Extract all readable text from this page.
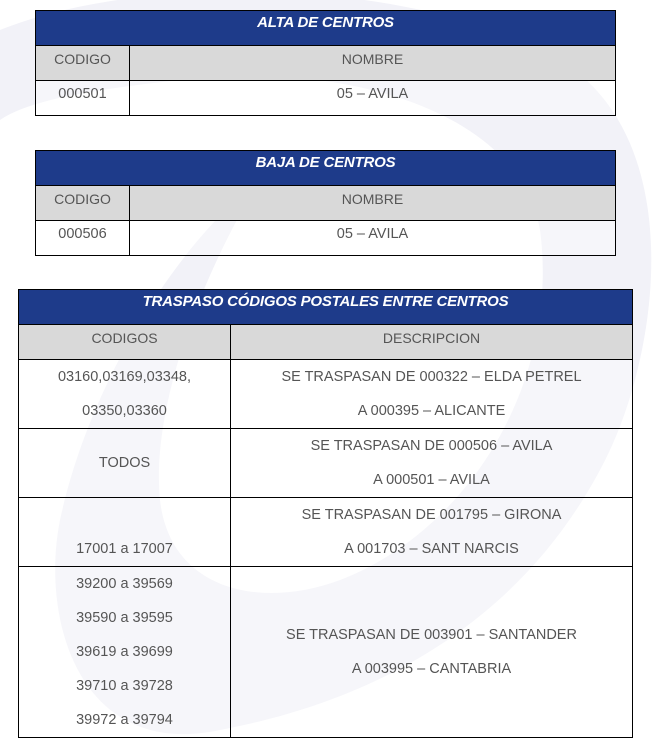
ALTA DE CENTROS	
CODIGO	NOMBRE
000501	05 – AVILA
BAJA DE CENTROS	
CODIGO	NOMBRE
000506	05 – AVILA
TRASPASO CÓDIGOS POSTALES ENTRE CENTROS	
CODIGOS	DESCRIPCION

03160,03169,03348,
03350,03360	SE TRASPASAN DE 000322 – ELDA PETREL
A 000395 – ALICANTE

TODOS	SE TRASPASAN DE 000506 – AVILA
A 000501 – AVILA

17001 a 17007	SE TRASPASAN DE 001795 – GIRONA
A 001703 – SANT NARCIS

39200 a 39569
39590 a 39595
39619 a 39699
39710 a 39728
39972 a 39794	SE TRASPASAN DE 003901 – SANTANDER
A 003995 – CANTABRIA
